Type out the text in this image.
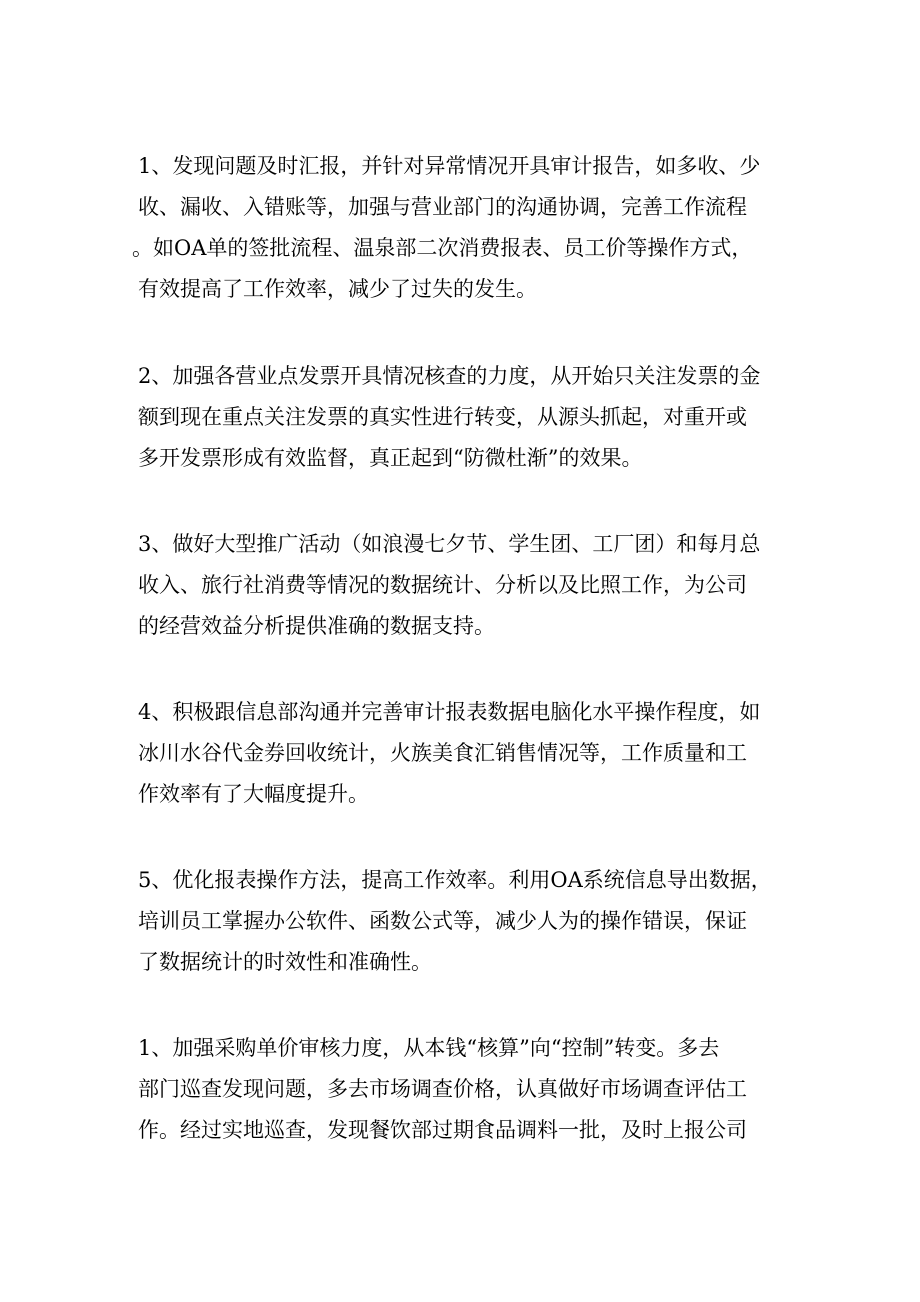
1、发现问题及时汇报，并针对异常情况开具审计报告，如多收、少
收、漏收、入错账等，加强与营业部门的沟通协调，完善工作流程
。如OA单的签批流程、温泉部二次消费报表、员工价等操作方式，
有效提高了工作效率，减少了过失的发生。

2、加强各营业点发票开具情况核查的力度，从开始只关注发票的金
额到现在重点关注发票的真实性进行转变，从源头抓起，对重开或
多开发票形成有效监督，真正起到“防微杜渐”的效果。

3、做好大型推广活动（如浪漫七夕节、学生团、工厂团）和每月总
收入、旅行社消费等情况的数据统计、分析以及比照工作，为公司
的经营效益分析提供准确的数据支持。

4、积极跟信息部沟通并完善审计报表数据电脑化水平操作程度，如
冰川水谷代金券回收统计，火族美食汇销售情况等，工作质量和工
作效率有了大幅度提升。

5、优化报表操作方法，提高工作效率。利用OA系统信息导出数据，
培训员工掌握办公软件、函数公式等，减少人为的操作错误，保证
了数据统计的时效性和准确性。

1、加强采购单价审核力度，从本钱“核算”向“控制”转变。多去
部门巡查发现问题，多去市场调查价格，认真做好市场调查评估工
作。经过实地巡查，发现餐饮部过期食品调料一批，及时上报公司
